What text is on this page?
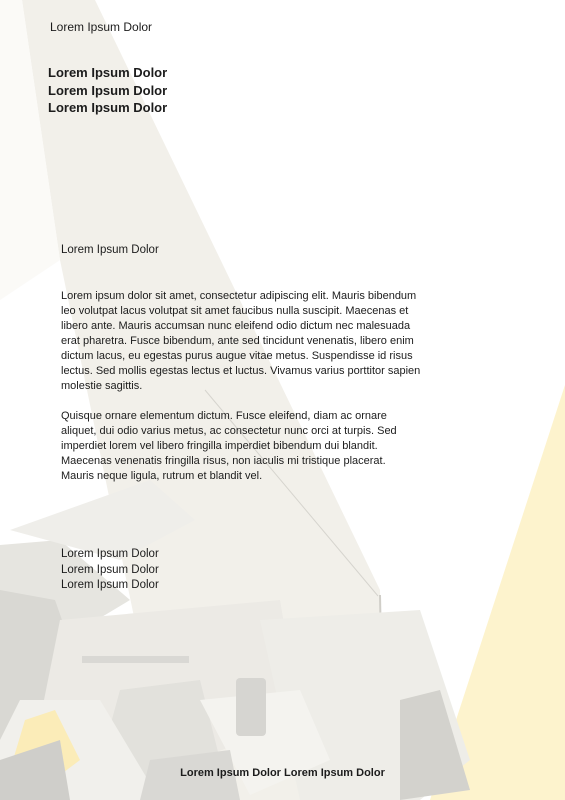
Lorem Ipsum Dolor
Lorem Ipsum Dolor
Lorem Ipsum Dolor
Lorem Ipsum Dolor
Lorem Ipsum Dolor

Lorem ipsum dolor sit amet, consectetur adipiscing elit. Mauris bibendum leo volutpat lacus volutpat sit amet faucibus nulla suscipit. Maecenas et libero ante. Mauris accumsan nunc eleifend odio dictum nec malesuada erat pharetra. Fusce bibendum, ante sed tincidunt venenatis, libero enim dictum lacus, eu egestas purus augue vitae metus. Suspendisse id risus lectus. Sed mollis egestas lectus et luctus. Vivamus varius porttitor sapien molestie sagittis.

Quisque ornare elementum dictum. Fusce eleifend, diam ac ornare aliquet, dui odio varius metus, ac consectetur nunc orci at turpis. Sed imperdiet lorem vel libero fringilla imperdiet bibendum dui blandit. Maecenas venenatis fringilla risus, non iaculis mi tristique placerat. Mauris neque ligula, rutrum et blandit vel.

Lorem Ipsum Dolor
Lorem Ipsum Dolor
Lorem Ipsum Dolor
Lorem Ipsum Dolor Lorem Ipsum Dolor
